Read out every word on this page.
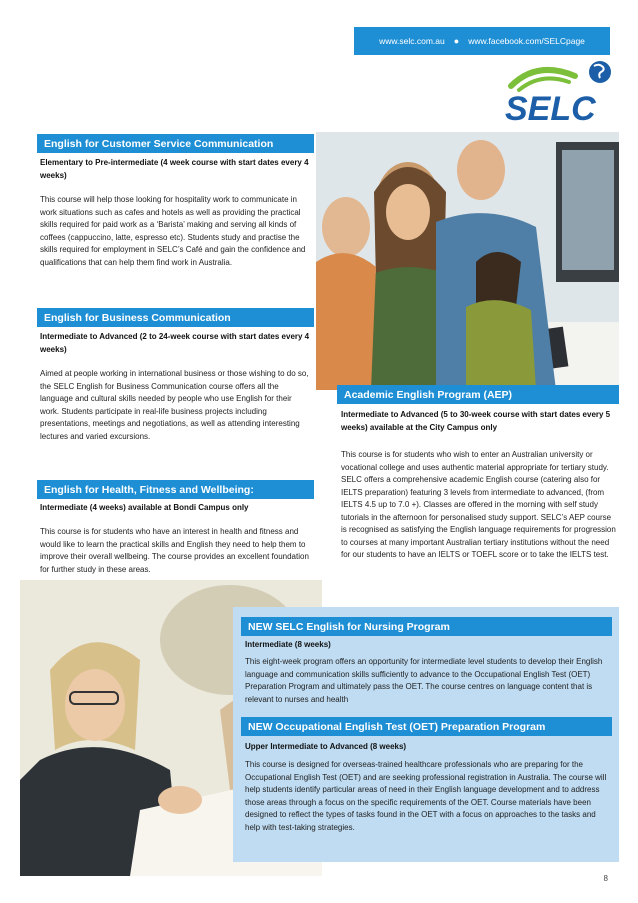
www.selc.com.au ● www.facebook.com/SELCpage
SELC
English for Customer Service Communication
Elementary to Pre-intermediate (4 week course with start dates every 4 weeks)
This course will help those looking for hospitality work to communicate in work situations such as cafes and hotels as well as providing the practical skills required for paid work as a ‘Barista’ making and serving all kinds of coffees (cappuccino, latte, espresso etc). Students study and practise the skills required for employment in SELC’s Café and gain the confidence and qualifications that can help them find work in Australia.
English for Business Communication
Intermediate to Advanced (2 to 24-week course with start dates every 4 weeks)
Aimed at people working in international business or those wishing to do so, the SELC English for Business Communication course offers all the language and cultural skills needed by people who use English for their work. Students participate in real-life business projects including presentations, meetings and negotiations, as well as attending interesting lectures and varied excursions.
English for Health, Fitness and Wellbeing:
Intermediate (4 weeks) available at Bondi Campus only
This course is for students who have an interest in health and fitness and would like to learn the practical skills and English they need to help them to improve their overall wellbeing. The course provides an excellent foundation for further study in these areas.
Academic English Program (AEP)
Intermediate to Advanced (5 to 30-week course with start dates every 5 weeks) available at the City Campus only
This course is for students who wish to enter an Australian university or vocational college and uses authentic material appropriate for tertiary study. SELC offers a comprehensive academic English course (catering also for IELTS preparation) featuring 3 levels from intermediate to advanced, (from IELTS 4.5 up to 7.0 +). Classes are offered in the morning with self study tutorials in the afternoon for personalised study support. SELC’s AEP course is recognised as satisfying the English language requirements for progression to courses at many important Australian tertiary institutions without the need for our students to have an IELTS or TOEFL score or to take the IELTS test.
NEW SELC English for Nursing Program
Intermediate (8 weeks)
This eight-week program offers an opportunity for intermediate level students to develop their English language and communication skills sufficiently to advance to the Occupational English Test (OET) Preparation Program and ultimately pass the OET. The course centres on language content that is relevant to nurses and health
NEW Occupational English Test (OET) Preparation Program
Upper Intermediate to Advanced (8 weeks)
This course is designed for overseas-trained healthcare professionals who are preparing for the Occupational English Test (OET) and are seeking professional registration in Australia. The course will help students identify particular areas of need in their English language development and to address those areas through a focus on the specific requirements of the OET. Course materials have been designed to reflect the types of tasks found in the OET with a focus on approaches to the tasks and help with test-taking strategies.
8
